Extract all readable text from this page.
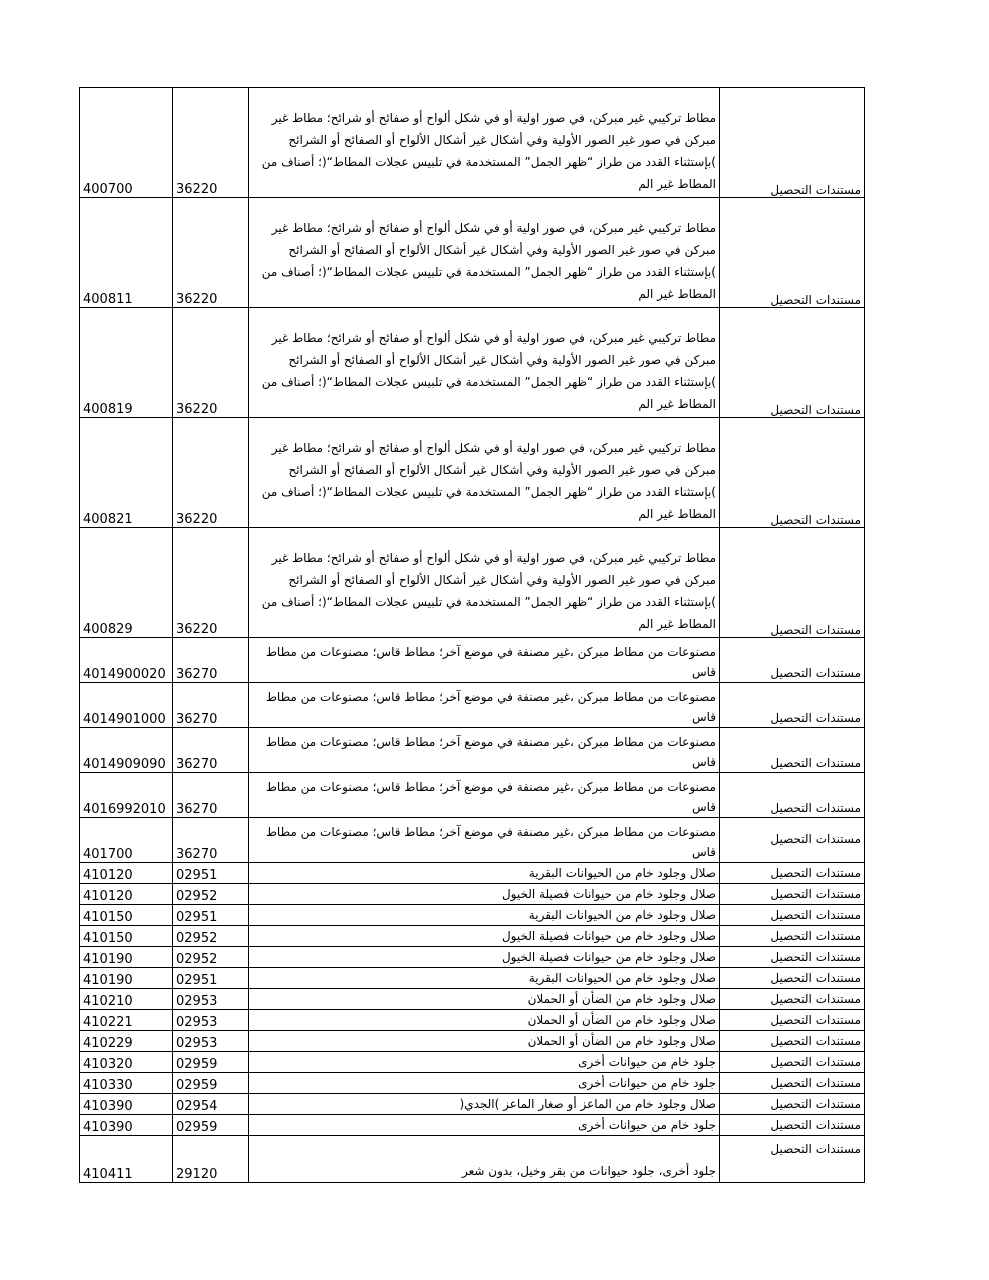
400700	36220	مطاط تركيبي غير مبركن، في صور اولية أو في شكل ألواح أو صفائح أو شرائح؛ مطاط غير مبركن في صور غير الصور الأولية وفي أشكال غير أشكال الألواح أو الصفائح أو الشرائح )بإستثناء القدد من طراز “ظهر الجمل” المستخدمة في تلبيس عجلات المطاط“(؛ أصناف من المطاط غير الم	مستندات التحصيل
400811	36220	مطاط تركيبي غير مبركن، في صور اولية أو في شكل ألواح أو صفائح أو شرائح؛ مطاط غير مبركن في صور غير الصور الأولية وفي أشكال غير أشكال الألواح أو الصفائح أو الشرائح )بإستثناء القدد من طراز “ظهر الجمل” المستخدمة في تلبيس عجلات المطاط“(؛ أصناف من المطاط غير الم	مستندات التحصيل
400819	36220	مطاط تركيبي غير مبركن، في صور اولية أو في شكل ألواح أو صفائح أو شرائح؛ مطاط غير مبركن في صور غير الصور الأولية وفي أشكال غير أشكال الألواح أو الصفائح أو الشرائح )بإستثناء القدد من طراز “ظهر الجمل” المستخدمة في تلبيس عجلات المطاط“(؛ أصناف من المطاط غير الم	مستندات التحصيل
400821	36220	مطاط تركيبي غير مبركن، في صور اولية أو في شكل ألواح أو صفائح أو شرائح؛ مطاط غير مبركن في صور غير الصور الأولية وفي أشكال غير أشكال الألواح أو الصفائح أو الشرائح )بإستثناء القدد من طراز “ظهر الجمل” المستخدمة في تلبيس عجلات المطاط“(؛ أصناف من المطاط غير الم	مستندات التحصيل
400829	36220	مطاط تركيبي غير مبركن، في صور اولية أو في شكل ألواح أو صفائح أو شرائح؛ مطاط غير مبركن في صور غير الصور الأولية وفي أشكال غير أشكال الألواح أو الصفائح أو الشرائح )بإستثناء القدد من طراز “ظهر الجمل” المستخدمة في تلبيس عجلات المطاط“(؛ أصناف من المطاط غير الم	مستندات التحصيل
4014900020	36270	مصنوعات من مطاط مبركن ،غير مصنفة في موضع آخر؛ مطاط قاس؛ مصنوعات من مطاط قاس	مستندات التحصيل
4014901000	36270	مصنوعات من مطاط مبركن ،غير مصنفة في موضع آخر؛ مطاط قاس؛ مصنوعات من مطاط قاس	مستندات التحصيل
4014909090	36270	مصنوعات من مطاط مبركن ،غير مصنفة في موضع آخر؛ مطاط قاس؛ مصنوعات من مطاط قاس	مستندات التحصيل
4016992010	36270	مصنوعات من مطاط مبركن ،غير مصنفة في موضع آخر؛ مطاط قاس؛ مصنوعات من مطاط قاس	مستندات التحصيل
401700	36270	مصنوعات من مطاط مبركن ،غير مصنفة في موضع آخر؛ مطاط قاس؛ مصنوعات من مطاط قاس	مستندات التحصيل
410120	02951	صلال وجلود خام من الحيوانات البقرية	مستندات التحصيل
410120	02952	صلال وجلود خام من حيوانات فصيلة الخيول	مستندات التحصيل
410150	02951	صلال وجلود خام من الحيوانات البقرية	مستندات التحصيل
410150	02952	صلال وجلود خام من حيوانات فصيلة الخيول	مستندات التحصيل
410190	02952	صلال وجلود خام من حيوانات فصيلة الخيول	مستندات التحصيل
410190	02951	صلال وجلود خام من الحيوانات البقرية	مستندات التحصيل
410210	02953	صلال وجلود خام من الضأن أو الحملان	مستندات التحصيل
410221	02953	صلال وجلود خام من الضأن أو الحملان	مستندات التحصيل
410229	02953	صلال وجلود خام من الضأن أو الحملان	مستندات التحصيل
410320	02959	جلود خام من حيوانات أخرى	مستندات التحصيل
410330	02959	جلود خام من حيوانات أخرى	مستندات التحصيل
410390	02954	صلال وجلود خام من الماعز أو صغار الماعز )الجدي(	مستندات التحصيل
410390	02959	جلود خام من حيوانات أخرى	مستندات التحصيل
410411	29120	جلود أخرى، جلود حيوانات من بقر وخيل، بدون شعر	مستندات التحصيل
